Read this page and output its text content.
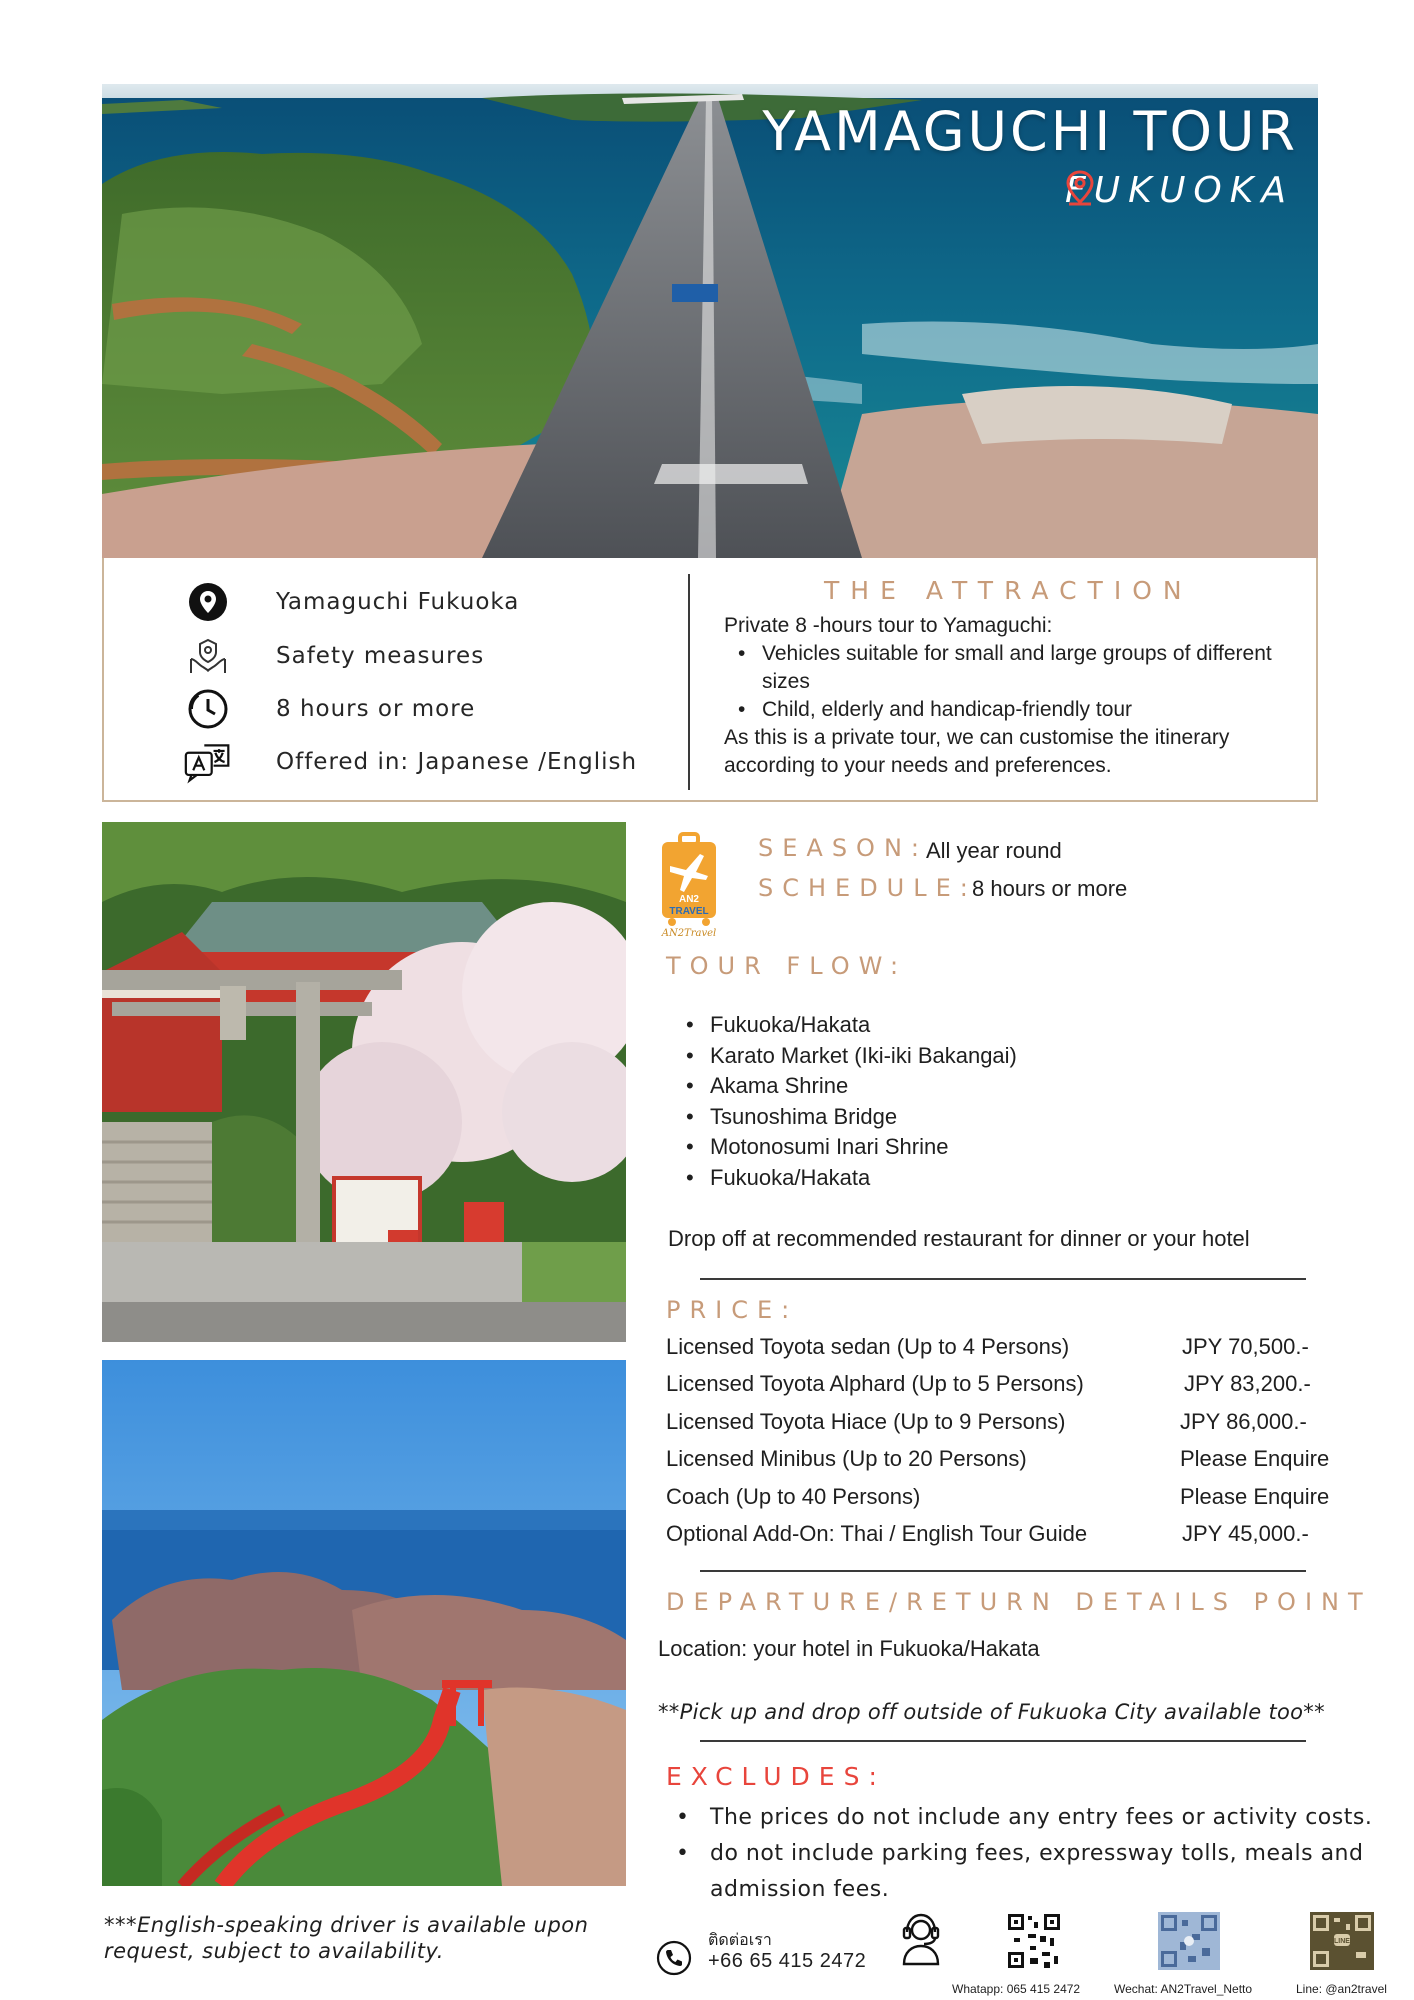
YAMAGUCHI TOUR
FUKUOKA
Yamaguchi Fukuoka
Safety measures
8 hours or more
Offered in: Japanese /English
THE ATTRACTION
Private 8 -hours tour to Yamaguchi:
• Vehicles suitable for small and large groups of different sizes
• Child, elderly and handicap-friendly tour
As this is a private tour, we can customise the itinerary according to your needs and preferences.
***English-speaking driver is available upon request, subject to availability.
AN2
TRAVEL
AN2Travel
SEASON:
All year round
SCHEDULE:
8 hours or more
TOUR FLOW:
• Fukuoka/Hakata
• Karato Market (Iki-iki Bakangai)
• Akama Shrine
• Tsunoshima Bridge
• Motonosumi Inari Shrine
• Fukuoka/Hakata
Drop off at recommended restaurant for dinner or your hotel
PRICE:
Licensed Toyota sedan (Up to 4 Persons)	JPY 70,500.-
Licensed Toyota Alphard (Up to 5 Persons)	JPY 83,200.-
Licensed Toyota Hiace (Up to 9 Persons)	JPY 86,000.-
Licensed Minibus (Up to 20 Persons)	Please Enquire
Coach (Up to 40 Persons)	Please Enquire
Optional Add-On: Thai / English Tour Guide	JPY 45,000.-
DEPARTURE/RETURN DETAILS POINT
Location: your hotel in Fukuoka/Hakata
**Pick up and drop off outside of Fukuoka City available too**
EXCLUDES:
• The prices do not include any entry fees or activity costs.
• do not include parking fees, expressway tolls, meals and admission fees.
ติดต่อเรา
+66 65 415 2472
LINE
Whatapp: 065 415 2472	Wechat: AN2Travel_Netto	Line: @an2travel
